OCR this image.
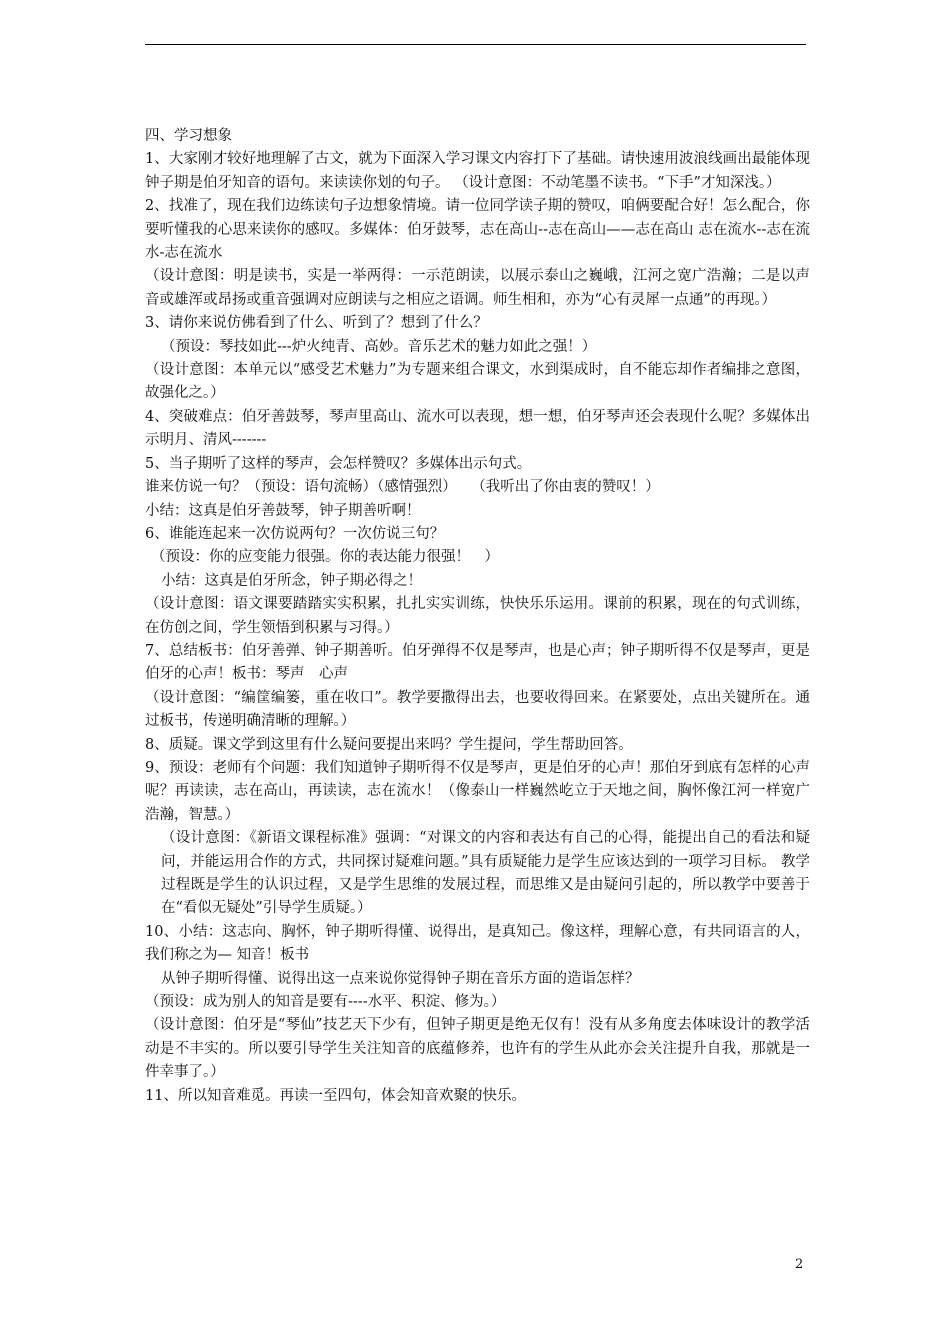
四、学习想象

1、大家刚才较好地理解了古文，就为下面深入学习课文内容打下了基础。请快速用波浪线画出最能体现钟子期是伯牙知音的语句。来读读你划的句子。 （设计意图：不动笔墨不读书。“下手”才知深浅。）

2、找准了，现在我们边练读句子边想象情境。请一位同学读子期的赞叹，咱俩要配合好！怎么配合，你要听懂我的心思来读你的感叹。多媒体：伯牙鼓琴，志在高山--志在高山——志在高山 志在流水--志在流水-志在流水

（设计意图：明是读书，实是一举两得：一示范朗读，以展示泰山之巍峨，江河之宽广浩瀚；二是以声音或雄浑或昂扬或重音强调对应朗读与之相应之语调。师生相和，亦为“心有灵犀一点通”的再现。）

3、请你来说仿佛看到了什么、听到了？想到了什么？

（预设：琴技如此---炉火纯青、高妙。音乐艺术的魅力如此之强！）

（设计意图：本单元以“感受艺术魅力”为专题来组合课文，水到渠成时，自不能忘却作者编排之意图，故强化之。）

4、突破难点：伯牙善鼓琴，琴声里高山、流水可以表现，想一想，伯牙琴声还会表现什么呢？多媒体出示明月、清风-------

5、当子期听了这样的琴声，会怎样赞叹？多媒体出示句式。

谁来仿说一句？（预设：语句流畅）（感情强烈）　　（我听出了你由衷的赞叹！）

小结：这真是伯牙善鼓琴，钟子期善听啊！

6、谁能连起来一次仿说两句？一次仿说三句？

（预设：你的应变能力很强。你的表达能力很强！　）

小结：这真是伯牙所念，钟子期必得之！

（设计意图：语文课要踏踏实实积累，扎扎实实训练，快快乐乐运用。课前的积累，现在的句式训练，在仿创之间，学生领悟到积累与习得。）

7、总结板书：伯牙善弹、钟子期善听。伯牙弹得不仅是琴声，也是心声；钟子期听得不仅是琴声，更是伯牙的心声！板书：琴声　心声

（设计意图：“编筐编篓，重在收口”。教学要撒得出去，也要收得回来。在紧要处，点出关键所在。通过板书，传递明确清晰的理解。）

8、质疑。课文学到这里有什么疑问要提出来吗？学生提问，学生帮助回答。

9、预设：老师有个问题：我们知道钟子期听得不仅是琴声，更是伯牙的心声！那伯牙到底有怎样的心声呢？再读读，志在高山，再读读，志在流水！（像泰山一样巍然屹立于天地之间，胸怀像江河一样宽广浩瀚，智慧。）

（设计意图：《新语文课程标准》强调：“对课文的内容和表达有自己的心得，能提出自己的看法和疑问，并能运用合作的方式，共同探讨疑难问题。”具有质疑能力是学生应该达到的一项学习目标。 教学过程既是学生的认识过程，又是学生思维的发展过程，而思维又是由疑问引起的，所以教学中要善于在“看似无疑处”引导学生质疑。）

10、小结：这志向、胸怀，钟子期听得懂、说得出，是真知己。像这样，理解心意，有共同语言的人，我们称之为— 知音！板书

从钟子期听得懂、说得出这一点来说你觉得钟子期在音乐方面的造诣怎样？

（预设：成为别人的知音是要有----水平、积淀、修为。）

（设计意图：伯牙是“琴仙”技艺天下少有，但钟子期更是绝无仅有！没有从多角度去体味设计的教学活动是不丰实的。所以要引导学生关注知音的底蕴修养，也许有的学生从此亦会关注提升自我，那就是一件幸事了。）

11、所以知音难觅。再读一至四句，体会知音欢聚的快乐。

2
